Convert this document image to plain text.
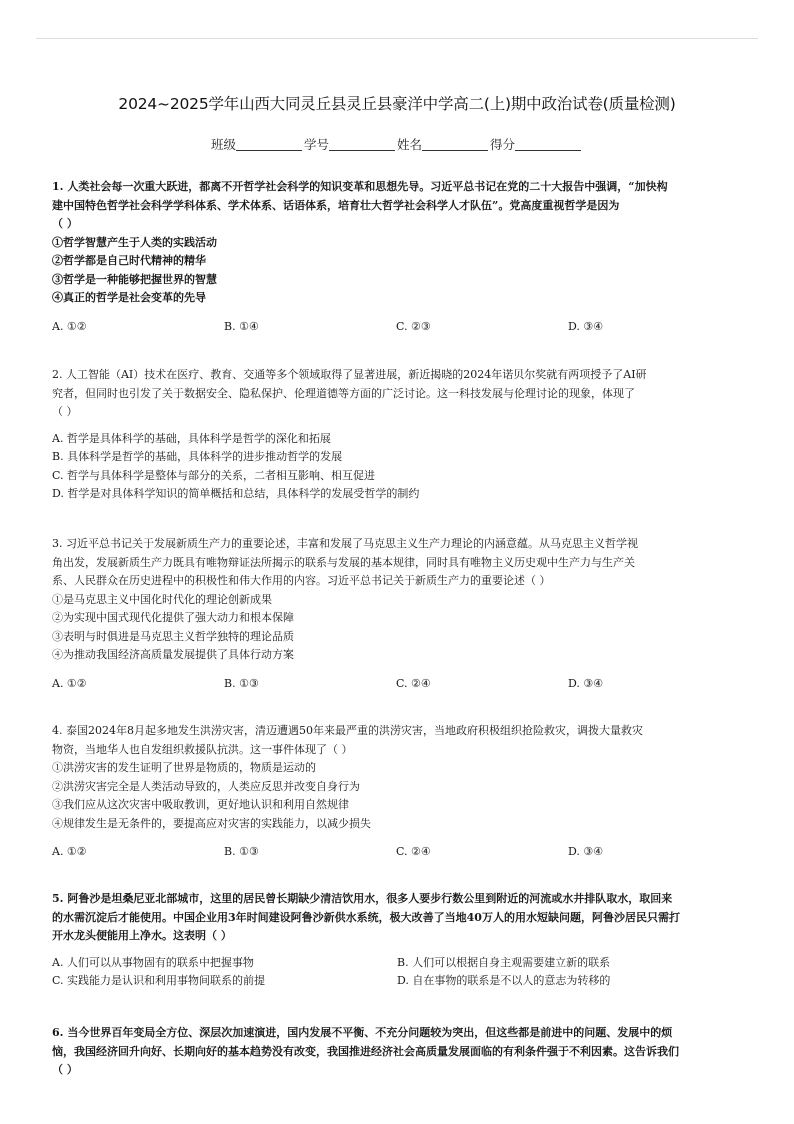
2024~2025学年山西大同灵丘县灵丘县豪洋中学高二(上)期中政治试卷(质量检测)
班级	学号	姓名	得分
1. 人类社会每一次重大跃进，都离不开哲学社会科学的知识变革和思想先导。习近平总书记在党的二十大报告中强调，“加快构
建中国特色哲学社会科学学科体系、学术体系、话语体系，培育壮大哲学社会科学人才队伍”。党高度重视哲学是因为
（ ）
①哲学智慧产生于人类的实践活动
②哲学都是自己时代精神的精华
③哲学是一种能够把握世界的智慧
④真正的哲学是社会变革的先导
A. ①②	B. ①④	C. ②③	D. ③④
2. 人工智能（AI）技术在医疗、教育、交通等多个领域取得了显著进展，新近揭晓的2024年诺贝尔奖就有两项授予了AI研
究者，但同时也引发了关于数据安全、隐私保护、伦理道德等方面的广泛讨论。这一科技发展与伦理讨论的现象，体现了
（ ）
A. 哲学是具体科学的基础，具体科学是哲学的深化和拓展
B. 具体科学是哲学的基础，具体科学的进步推动哲学的发展
C. 哲学与具体科学是整体与部分的关系，二者相互影响、相互促进
D. 哲学是对具体科学知识的简单概括和总结，具体科学的发展受哲学的制约
3. 习近平总书记关于发展新质生产力的重要论述，丰富和发展了马克思主义生产力理论的内涵意蕴。从马克思主义哲学视
角出发，发展新质生产力既具有唯物辩证法所揭示的联系与发展的基本规律，同时具有唯物主义历史观中生产力与生产关
系、人民群众在历史进程中的积极性和伟大作用的内容。习近平总书记关于新质生产力的重要论述（ ）
①是马克思主义中国化时代化的理论创新成果
②为实现中国式现代化提供了强大动力和根本保障
③表明与时俱进是马克思主义哲学独特的理论品质
④为推动我国经济高质量发展提供了具体行动方案
A. ①②	B. ①③	C. ②④	D. ③④
4. 泰国2024年8月起多地发生洪涝灾害，清迈遭遇50年来最严重的洪涝灾害，当地政府积极组织抢险救灾，调拨大量救灾
物资，当地华人也自发组织救援队抗洪。这一事件体现了（ ）
①洪涝灾害的发生证明了世界是物质的，物质是运动的
②洪涝灾害完全是人类活动导致的，人类应反思并改变自身行为
③我们应从这次灾害中吸取教训，更好地认识和利用自然规律
④规律发生是无条件的，要提高应对灾害的实践能力，以减少损失
A. ①②	B. ①③	C. ②④	D. ③④
5. 阿鲁沙是坦桑尼亚北部城市，这里的居民曾长期缺少清洁饮用水，很多人要步行数公里到附近的河流或水井排队取水，取回来
的水需沉淀后才能使用。中国企业用3年时间建设阿鲁沙新供水系统，极大改善了当地40万人的用水短缺问题，阿鲁沙居民只需打
开水龙头便能用上净水。这表明（ ）
A. 人们可以从事物固有的联系中把握事物	B. 人们可以根据自身主观需要建立新的联系
C. 实践能力是认识和利用事物间联系的前提	D. 自在事物的联系是不以人的意志为转移的
6. 当今世界百年变局全方位、深层次加速演进，国内发展不平衡、不充分问题较为突出，但这些都是前进中的问题、发展中的烦
恼，我国经济回升向好、长期向好的基本趋势没有改变，我国推进经济社会高质量发展面临的有利条件强于不利因素。这告诉我们
（ ）
